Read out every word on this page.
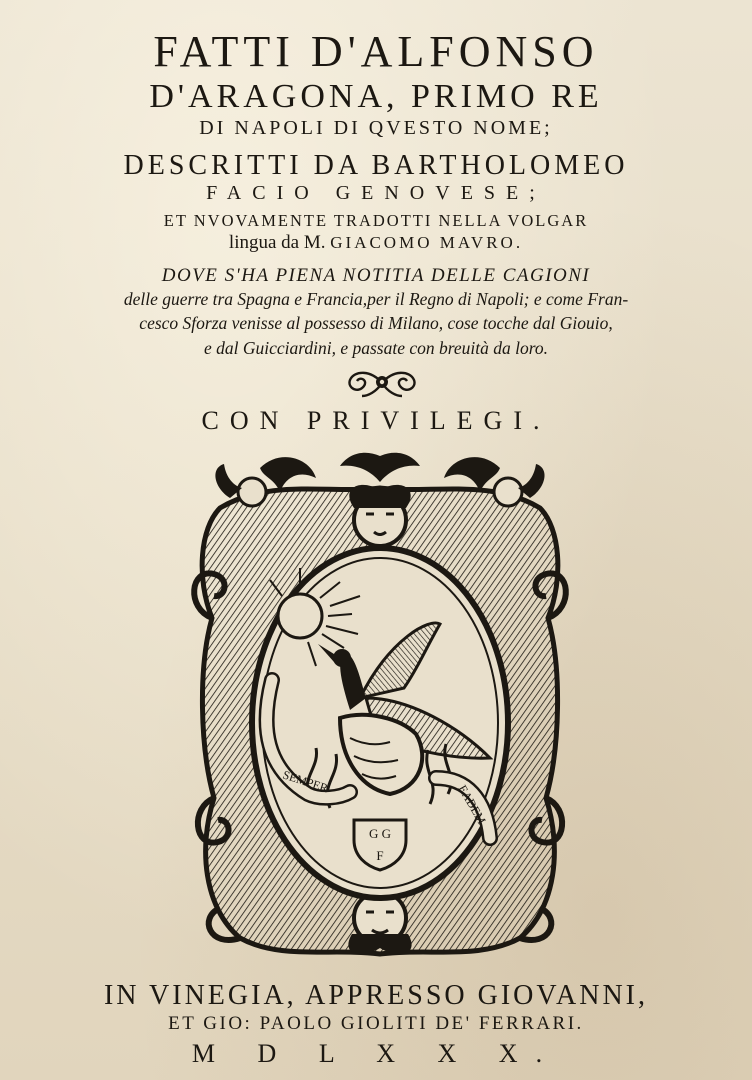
FATTI D'ALFONSO
D'ARAGONA, PRIMO RE
DI NAPOLI DI QVESTO NOME;
DESCRITTI DA BARTHOLOMEO
FACIO GENOVESE;
ET NVOVAMENTE TRADOTTI NELLA VOLGAR
lingua da M. GIACOMO MAVRO.
DOVE S'HA PIENA NOTITIA DELLE CAGIONI
delle guerre tra Spagna e Francia,per il Regno di Napoli; e come Fran-
cesco Sforza venisse al possesso di Milano, cose tocche dal Giouio,
e dal Guicciardini, e passate con breuità da loro.
CON PRIVILEGI.
SEMPER
EADEM
G G
F
IN VINEGIA, APPRESSO GIOVANNI,
ET GIO: PAOLO GIOLITI DE' FERRARI.
M D L X X X.
